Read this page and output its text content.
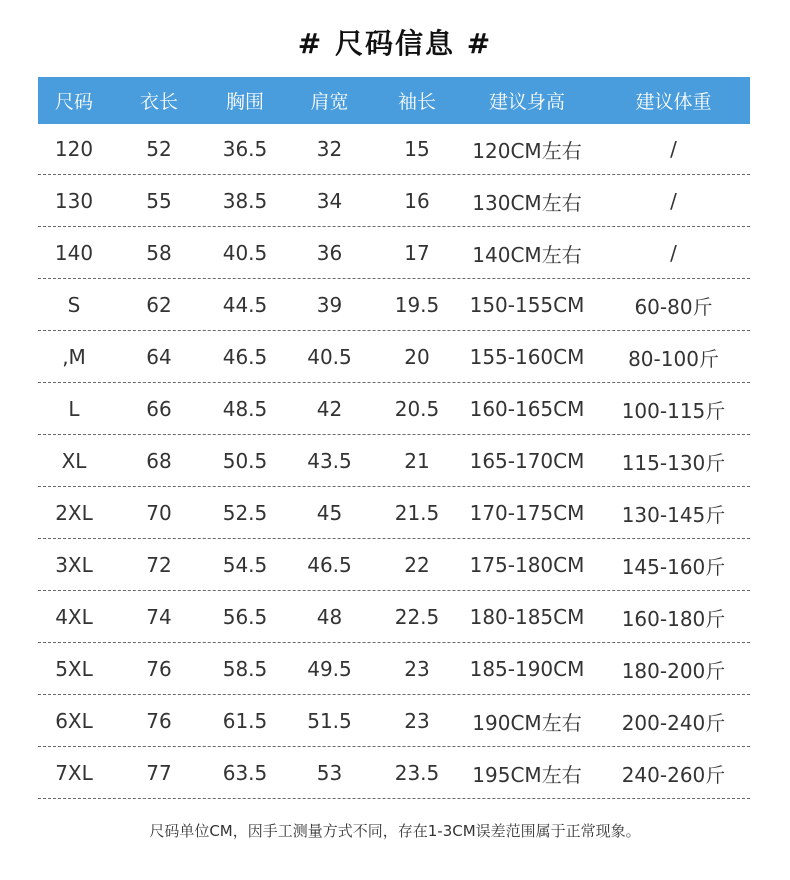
# 尺码信息 #
尺码	衣长	胸围	肩宽	袖长	建议身高	建议体重
120	52	36.5	32	15	120CM左右	/
130	55	38.5	34	16	130CM左右	/
140	58	40.5	36	17	140CM左右	/
S	62	44.5	39	19.5	150-155CM	60-80斤
,M	64	46.5	40.5	20	155-160CM	80-100斤
L	66	48.5	42	20.5	160-165CM	100-115斤
XL	68	50.5	43.5	21	165-170CM	115-130斤
2XL	70	52.5	45	21.5	170-175CM	130-145斤
3XL	72	54.5	46.5	22	175-180CM	145-160斤
4XL	74	56.5	48	22.5	180-185CM	160-180斤
5XL	76	58.5	49.5	23	185-190CM	180-200斤
6XL	76	61.5	51.5	23	190CM左右	200-240斤
7XL	77	63.5	53	23.5	195CM左右	240-260斤
尺码单位CM，因手工测量方式不同，存在1-3CM误差范围属于正常现象。
